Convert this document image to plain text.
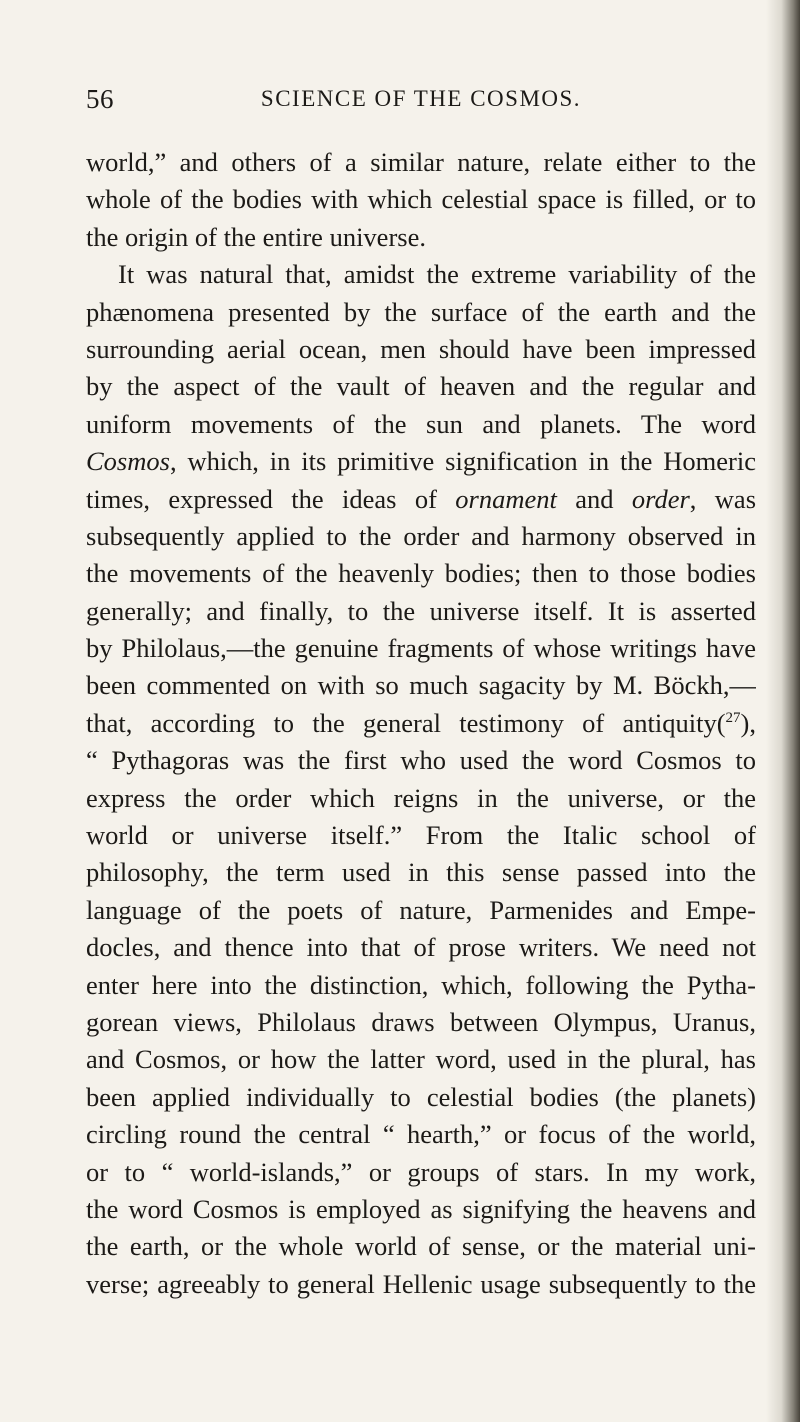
56	SCIENCE OF THE COSMOS.
world,” and others of a similar nature, relate either to the
whole of the bodies with which celestial space is filled, or to
the origin of the entire universe.
It was natural that, amidst the extreme variability of the
phænomena presented by the surface of the earth and the
surrounding aerial ocean, men should have been impressed
by the aspect of the vault of heaven and the regular and
uniform movements of the sun and planets. The word
Cosmos, which, in its primitive signification in the Homeric
times, expressed the ideas of ornament and order, was
subsequently applied to the order and harmony observed in
the movements of the heavenly bodies; then to those bodies
generally; and finally, to the universe itself. It is asserted
by Philolaus,—the genuine fragments of whose writings have
been commented on with so much sagacity by M. Böckh,—
that, according to the general testimony of antiquity($^{27}$),
“ Pythagoras was the first who used the word Cosmos to
express the order which reigns in the universe, or the
world or universe itself.” From the Italic school of
philosophy, the term used in this sense passed into the
language of the poets of nature, Parmenides and Empe-
docles, and thence into that of prose writers. We need not
enter here into the distinction, which, following the Pytha-
gorean views, Philolaus draws between Olympus, Uranus,
and Cosmos, or how the latter word, used in the plural, has
been applied individually to celestial bodies (the planets)
circling round the central “ hearth,” or focus of the world,
or to “ world-islands,” or groups of stars. In my work,
the word Cosmos is employed as signifying the heavens and
the earth, or the whole world of sense, or the material uni-
verse; agreeably to general Hellenic usage subsequently to the
